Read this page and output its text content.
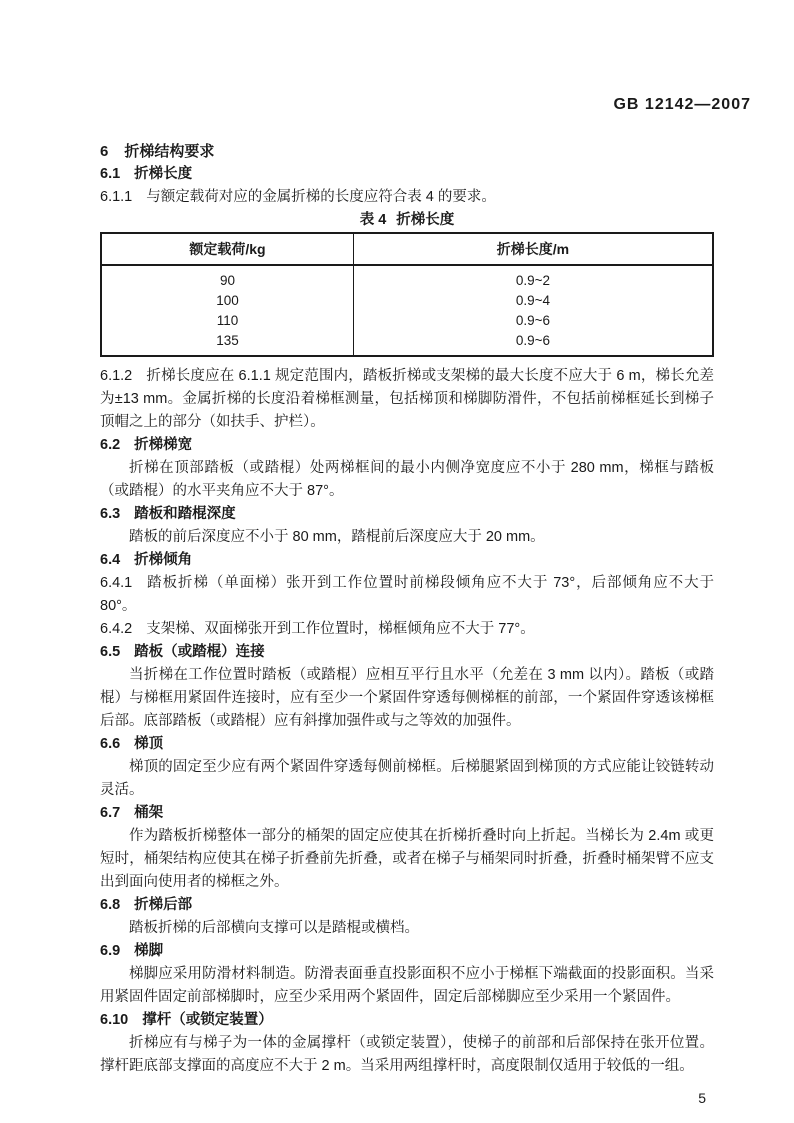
GB 12142—2007
6 折梯结构要求
6.1 折梯长度

6.1.1 与额定载荷对应的金属折梯的长度应符合表 4 的要求。

表 4 折梯长度
额定载荷/kg	折梯长度/m
90	0.9~2
100	0.9~4
110	0.9~6
135	0.9~6

6.1.2 折梯长度应在 6.1.1 规定范围内，踏板折梯或支架梯的最大长度不应大于 6 m，梯长允差为±13 mm。金属折梯的长度沿着梯框测量，包括梯顶和梯脚防滑件，不包括前梯框延长到梯子顶帽之上的部分（如扶手、护栏）。

6.2 折梯梯宽

折梯在顶部踏板（或踏棍）处两梯框间的最小内侧净宽度应不小于 280 mm，梯框与踏板（或踏棍）的水平夹角应不大于 87°。

6.3 踏板和踏棍深度

踏板的前后深度应不小于 80 mm，踏棍前后深度应大于 20 mm。

6.4 折梯倾角

6.4.1 踏板折梯（单面梯）张开到工作位置时前梯段倾角应不大于 73°，后部倾角应不大于 80°。

6.4.2 支架梯、双面梯张开到工作位置时，梯框倾角应不大于 77°。

6.5 踏板（或踏棍）连接

当折梯在工作位置时踏板（或踏棍）应相互平行且水平（允差在 3 mm 以内）。踏板（或踏棍）与梯框用紧固件连接时，应有至少一个紧固件穿透每侧梯框的前部，一个紧固件穿透该梯框后部。底部踏板（或踏棍）应有斜撑加强件或与之等效的加强件。

6.6 梯顶

梯顶的固定至少应有两个紧固件穿透每侧前梯框。后梯腿紧固到梯顶的方式应能让铰链转动灵活。

6.7 桶架

作为踏板折梯整体一部分的桶架的固定应使其在折梯折叠时向上折起。当梯长为 2.4m 或更短时，桶架结构应使其在梯子折叠前先折叠，或者在梯子与桶架同时折叠，折叠时桶架臂不应支出到面向使用者的梯框之外。

6.8 折梯后部

踏板折梯的后部横向支撑可以是踏棍或横档。

6.9 梯脚

梯脚应采用防滑材料制造。防滑表面垂直投影面积不应小于梯框下端截面的投影面积。当采用紧固件固定前部梯脚时，应至少采用两个紧固件，固定后部梯脚应至少采用一个紧固件。

6.10 撑杆（或锁定装置）

折梯应有与梯子为一体的金属撑杆（或锁定装置），使梯子的前部和后部保持在张开位置。撑杆距底部支撑面的高度应不大于 2 m。当采用两组撑杆时，高度限制仅适用于较低的一组。

5
